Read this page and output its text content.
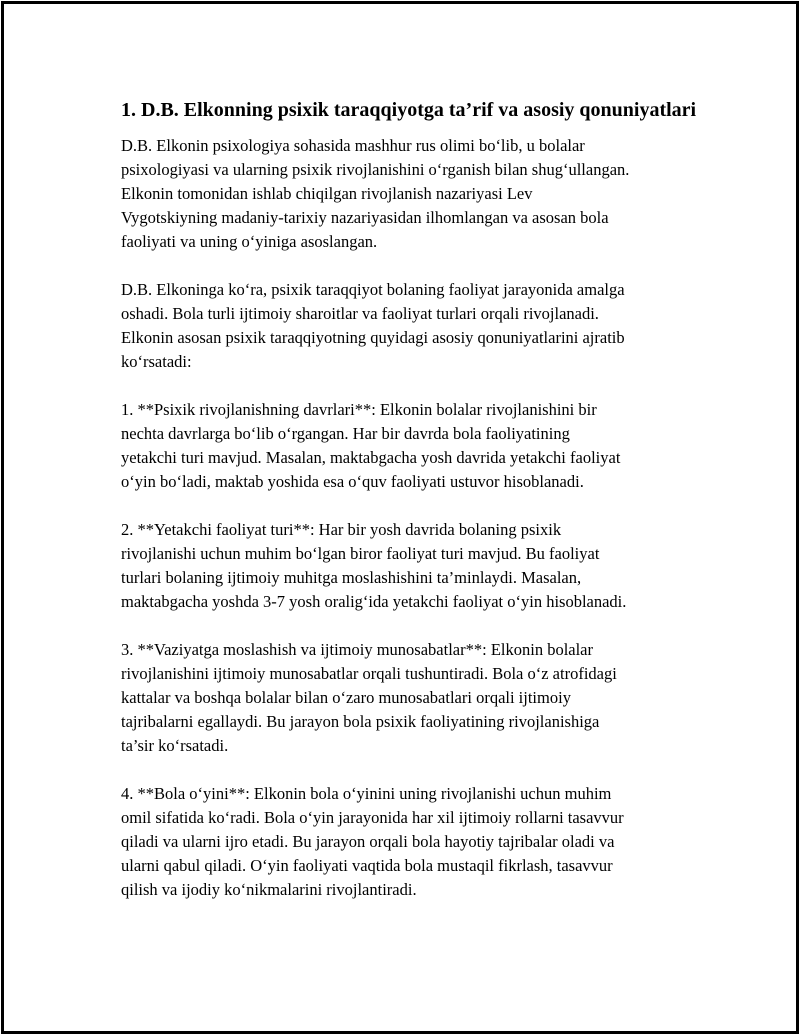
1. D.B. Elkonning psixik taraqqiyotga ta’rif va asosiy qonuniyatlari

D.B. Elkonin psixologiya sohasida mashhur rus olimi bo‘lib, u bolalar
psixologiyasi va ularning psixik rivojlanishini o‘rganish bilan shug‘ullangan.
Elkonin tomonidan ishlab chiqilgan rivojlanish nazariyasi Lev
Vygotskiyning madaniy-tarixiy nazariyasidan ilhomlangan va asosan bola
faoliyati va uning o‘yiniga asoslangan.

D.B. Elkoninga ko‘ra, psixik taraqqiyot bolaning faoliyat jarayonida amalga
oshadi. Bola turli ijtimoiy sharoitlar va faoliyat turlari orqali rivojlanadi.
Elkonin asosan psixik taraqqiyotning quyidagi asosiy qonuniyatlarini ajratib
ko‘rsatadi:

1. **Psixik rivojlanishning davrlari**: Elkonin bolalar rivojlanishini bir
nechta davrlarga bo‘lib o‘rgangan. Har bir davrda bola faoliyatining
yetakchi turi mavjud. Masalan, maktabgacha yosh davrida yetakchi faoliyat
o‘yin bo‘ladi, maktab yoshida esa o‘quv faoliyati ustuvor hisoblanadi.

2. **Yetakchi faoliyat turi**: Har bir yosh davrida bolaning psixik
rivojlanishi uchun muhim bo‘lgan biror faoliyat turi mavjud. Bu faoliyat
turlari bolaning ijtimoiy muhitga moslashishini ta’minlaydi. Masalan,
maktabgacha yoshda 3-7 yosh oralig‘ida yetakchi faoliyat o‘yin hisoblanadi.

3. **Vaziyatga moslashish va ijtimoiy munosabatlar**: Elkonin bolalar
rivojlanishini ijtimoiy munosabatlar orqali tushuntiradi. Bola o‘z atrofidagi
kattalar va boshqa bolalar bilan o‘zaro munosabatlari orqali ijtimoiy
tajribalarni egallaydi. Bu jarayon bola psixik faoliyatining rivojlanishiga
ta’sir ko‘rsatadi.

4. **Bola o‘yini**: Elkonin bola o‘yinini uning rivojlanishi uchun muhim
omil sifatida ko‘radi. Bola o‘yin jarayonida har xil ijtimoiy rollarni tasavvur
qiladi va ularni ijro etadi. Bu jarayon orqali bola hayotiy tajribalar oladi va
ularni qabul qiladi. O‘yin faoliyati vaqtida bola mustaqil fikrlash, tasavvur
qilish va ijodiy ko‘nikmalarini rivojlantiradi.
